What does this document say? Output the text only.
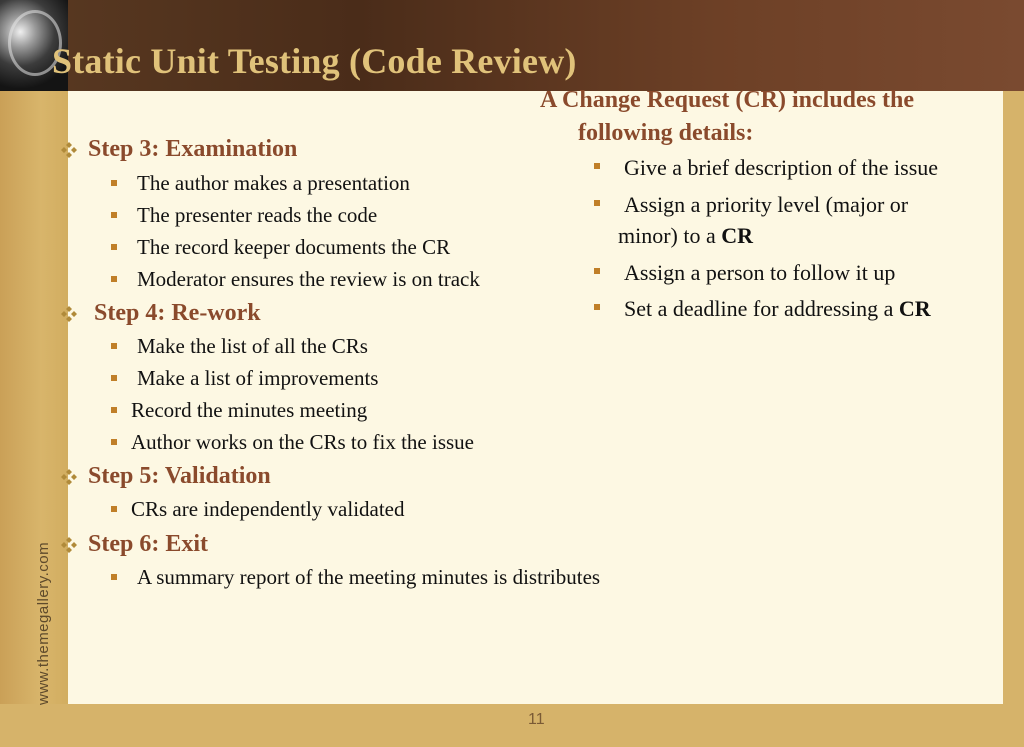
Static Unit Testing (Code Review)
www.themegallery.com
11
Step 3: Examination
The author makes a presentation
The presenter reads the code
The record keeper documents the CR
Moderator ensures the review is on track
Step 4: Re-work
Make the list of all the CRs
Make a list of improvements
Record the minutes meeting
Author works on the CRs to fix the issue
Step 5: Validation
CRs are independently validated
Step 6: Exit
A summary report of the meeting minutes is distributes
A Change Request (CR) includes the
following details:
Give a brief description of the issue
Assign a priority level (major or
minor) to a CR
Assign a person to follow it up
Set a deadline for addressing a CR
